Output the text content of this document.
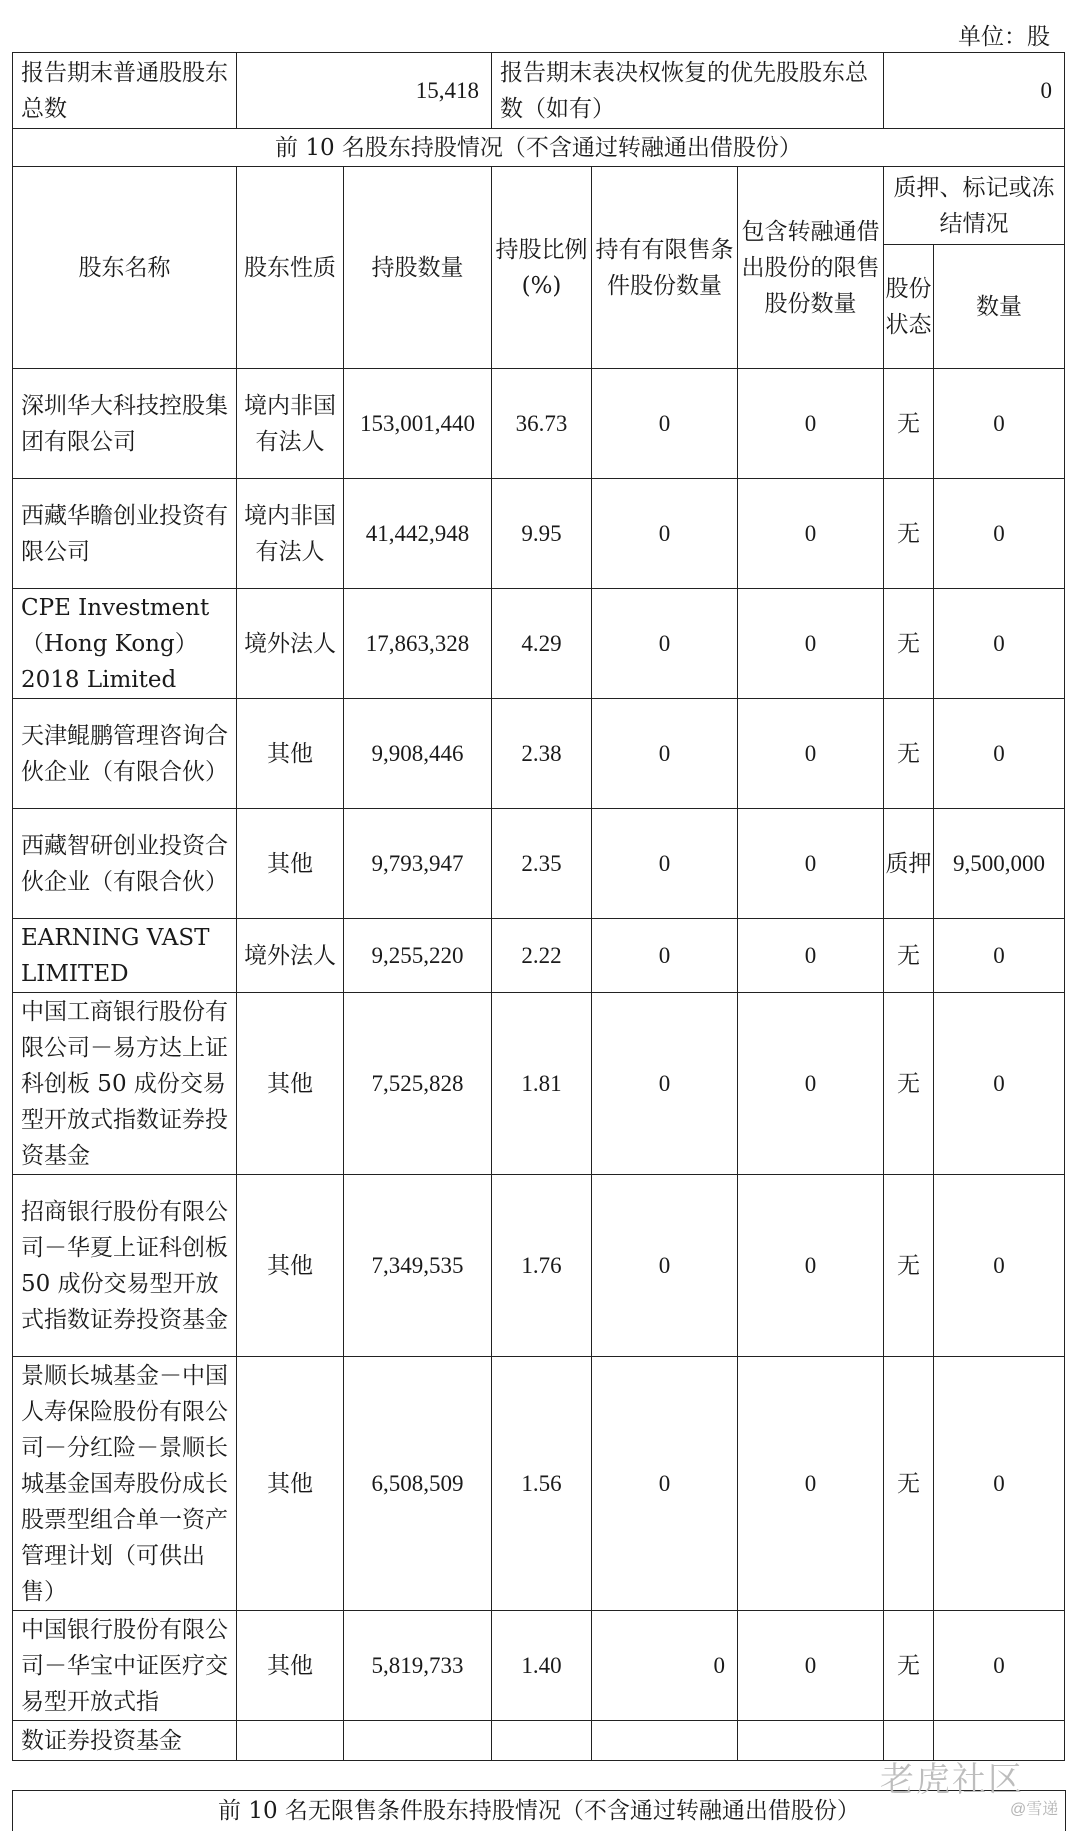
单位：股
报告期末普通股股东总数	15,418		报告期末表决权恢复的优先股股东总数（如有）			0	
前 10 名股东持股情况（不含通过转融通出借股份）							
股东名称	股东性质	持股数量	持股比例(%)	持有有限售条件股份数量	包含转融通借出股份的限售股份数量	质押、标记或冻结情况	
						股份状态	数量
深圳华大科技控股集团有限公司	境内非国有法人	153,001,440	36.73	0	0	无	0
西藏华瞻创业投资有限公司	境内非国有法人	41,442,948	9.95	0	0	无	0
CPE Investment（Hong Kong）2018 Limited	境外法人	17,863,328	4.29	0	0	无	0
天津鲲鹏管理咨询合伙企业（有限合伙）	其他	9,908,446	2.38	0	0	无	0
西藏智研创业投资合伙企业（有限合伙）	其他	9,793,947	2.35	0	0	质押	9,500,000
EARNING VAST LIMITED	境外法人	9,255,220	2.22	0	0	无	0
中国工商银行股份有限公司－易方达上证科创板 50 成份交易型开放式指数证券投资基金	其他	7,525,828	1.81	0	0	无	0
招商银行股份有限公司－华夏上证科创板 50 成份交易型开放式指数证券投资基金	其他	7,349,535	1.76	0	0	无	0
景顺长城基金－中国人寿保险股份有限公司－分红险－景顺长城基金国寿股份成长股票型组合单一资产管理计划（可供出售）	其他	6,508,509	1.56	0	0	无	0
中国银行股份有限公司－华宝中证医疗交易型开放式指	其他	5,819,733	1.40	0	0	无	0
数证券投资基金							
前 10 名无限售条件股东持股情况（不含通过转融通出借股份）
老虎社区
@雪递
